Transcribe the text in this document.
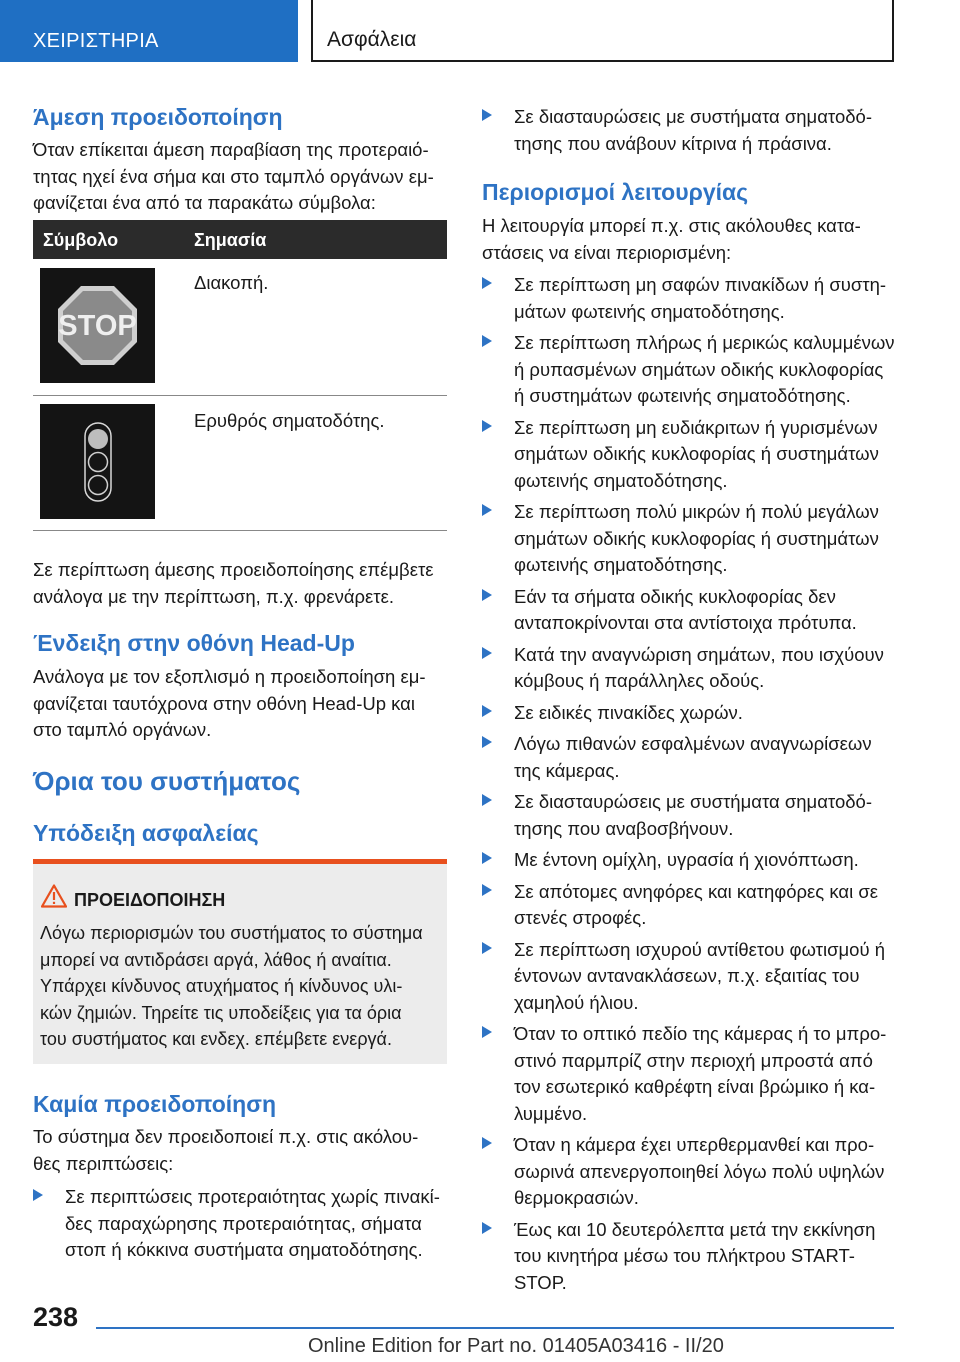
ΧΕΙΡΙΣΤΗΡΙΑ	Ασφάλεια
Άμεση προειδοποίηση

Όταν επίκειται άμεση παραβίαση της προτεραιό-
τητας ηχεί ένα σήμα και στο ταμπλό οργάνων εμ-
φανίζεται ένα από τα παρακάτω σύμβολα:

Σύμβολο	Σημασία
STOP
Διακοπή.
Ερυθρός σηματοδότης.

Σε περίπτωση άμεσης προειδοποίησης επέμβετε
ανάλογα με την περίπτωση, π.χ. φρενάρετε.

Ένδειξη στην οθόνη Head-Up

Ανάλογα με τον εξοπλισμό η προειδοποίηση εμ-
φανίζεται ταυτόχρονα στην οθόνη Head-Up και
στο ταμπλό οργάνων.

Όρια του συστήματος
Υπόδειξη ασφαλείας
ΠΡΟΕΙΔΟΠΟΙΗΣΗ

Λόγω περιορισμών του συστήματος το σύστημα
μπορεί να αντιδράσει αργά, λάθος ή αναίτια.
Υπάρχει κίνδυνος ατυχήματος ή κίνδυνος υλι-
κών ζημιών. Τηρείτε τις υποδείξεις για τα όρια
του συστήματος και ενδεχ. επέμβετε ενεργά.

Καμία προειδοποίηση

Το σύστημα δεν προειδοποιεί π.χ. στις ακόλου-
θες περιπτώσεις:

Σε περιπτώσεις προτεραιότητας χωρίς πινακί-
δες παραχώρησης προτεραιότητας, σήματα
στοπ ή κόκκινα συστήματα σηματοδότησης.
Σε διασταυρώσεις με συστήματα σηματοδό-
τησης που ανάβουν κίτρινα ή πράσινα.
Περιορισμοί λειτουργίας

Η λειτουργία μπορεί π.χ. στις ακόλουθες κατα-
στάσεις να είναι περιορισμένη:

Σε περίπτωση μη σαφών πινακίδων ή συστη-
μάτων φωτεινής σηματοδότησης.
Σε περίπτωση πλήρως ή μερικώς καλυμμένων
ή ρυπασμένων σημάτων οδικής κυκλοφορίας
ή συστημάτων φωτεινής σηματοδότησης.
Σε περίπτωση μη ευδιάκριτων ή γυρισμένων
σημάτων οδικής κυκλοφορίας ή συστημάτων
φωτεινής σηματοδότησης.
Σε περίπτωση πολύ μικρών ή πολύ μεγάλων
σημάτων οδικής κυκλοφορίας ή συστημάτων
φωτεινής σηματοδότησης.
Εάν τα σήματα οδικής κυκλοφορίας δεν
ανταποκρίνονται στα αντίστοιχα πρότυπα.
Κατά την αναγνώριση σημάτων, που ισχύουν
κόμβους ή παράλληλες οδούς.
Σε ειδικές πινακίδες χωρών.
Λόγω πιθανών εσφαλμένων αναγνωρίσεων
της κάμερας.
Σε διασταυρώσεις με συστήματα σηματοδό-
τησης που αναβοσβήνουν.
Με έντονη ομίχλη, υγρασία ή χιονόπτωση.
Σε απότομες ανηφόρες και κατηφόρες και σε
στενές στροφές.
Σε περίπτωση ισχυρού αντίθετου φωτισμού ή
έντονων αντανακλάσεων, π.χ. εξαιτίας του
χαμηλού ήλιου.
Όταν το οπτικό πεδίο της κάμερας ή το μπρο-
στινό παρμπρίζ στην περιοχή μπροστά από
τον εσωτερικό καθρέφτη είναι βρώμικο ή κα-
λυμμένο.
Όταν η κάμερα έχει υπερθερμανθεί και προ-
σωρινά απενεργοποιηθεί λόγω πολύ υψηλών
θερμοκρασιών.
Έως και 10 δευτερόλεπτα μετά την εκκίνηση
του κινητήρα μέσω του πλήκτρου START-
STOP.
238
Online Edition for Part no. 01405A03416 - II/20
